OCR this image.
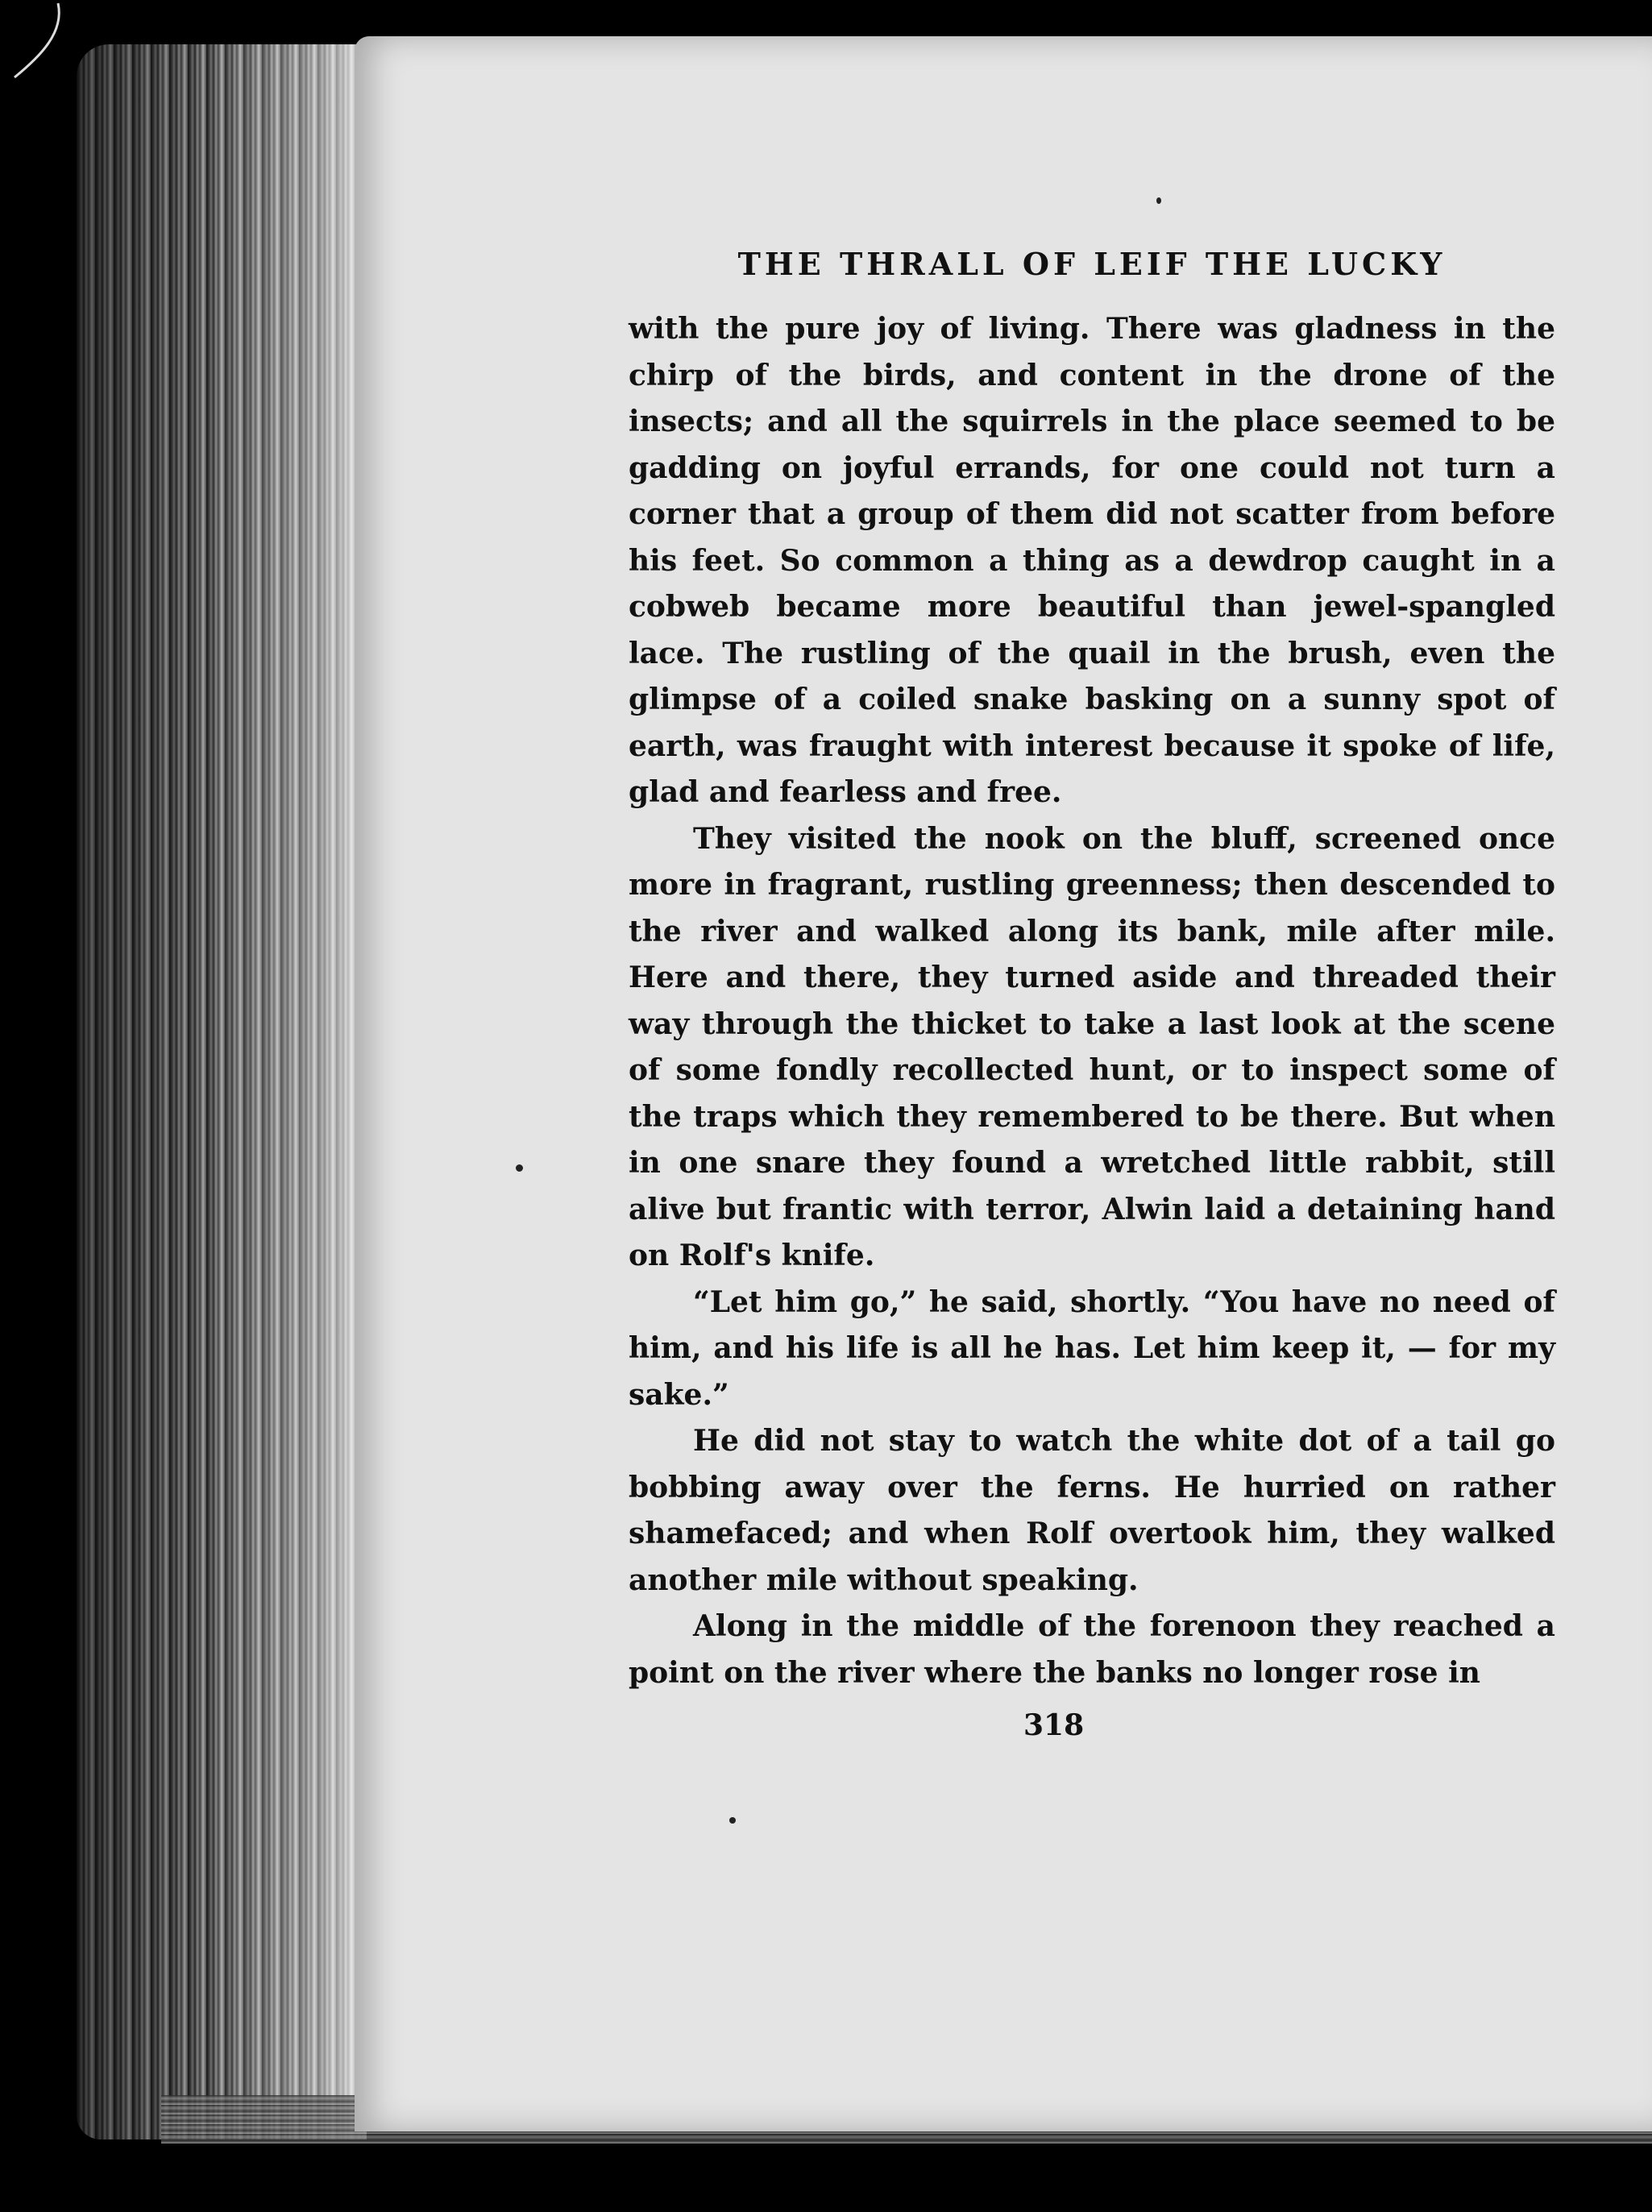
THE THRALL OF LEIF THE LUCKY

with the pure joy of living. There was gladness in the chirp of the birds, and content in the drone of the insects; and all the squirrels in the place seemed to be gadding on joyful errands, for one could not turn a corner that a group of them did not scatter from before his feet. So common a thing as a dewdrop caught in a cobweb became more beautiful than jewel-spangled lace. The rustling of the quail in the brush, even the glimpse of a coiled snake basking on a sunny spot of earth, was fraught with interest because it spoke of life, glad and fearless and free.

They visited the nook on the bluff, screened once more in fragrant, rustling greenness; then descended to the river and walked along its bank, mile after mile. Here and there, they turned aside and threaded their way through the thicket to take a last look at the scene of some fondly recollected hunt, or to inspect some of the traps which they remembered to be there. But when in one snare they found a wretched little rabbit, still alive but frantic with terror, Alwin laid a detaining hand on Rolf's knife.

“Let him go,” he said, shortly. “You have no need of him, and his life is all he has. Let him keep it, — for my sake.”

He did not stay to watch the white dot of a tail go bobbing away over the ferns. He hurried on rather shamefaced; and when Rolf overtook him, they walked another mile without speaking.

Along in the middle of the forenoon they reached a point on the river where the banks no longer rose in

318
